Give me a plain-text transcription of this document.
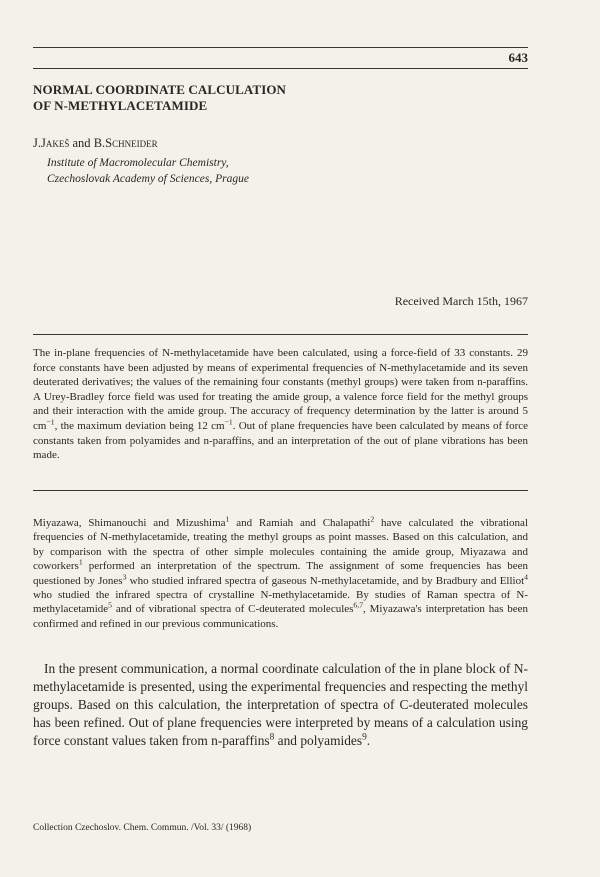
643
NORMAL COORDINATE CALCULATION
OF N-METHYLACETAMIDE

J.Jakeš and B.Schneider

Institute of Macromolecular Chemistry,
Czechoslovak Academy of Sciences, Prague
Received March 15th, 1967

The in-plane frequencies of N-methylacetamide have been calculated, using a force-field of 33 constants. 29 force constants have been adjusted by means of experimental frequencies of N-methylacetamide and its seven deuterated derivatives; the values of the remaining four constants (methyl groups) were taken from n-paraffins. A Urey-Bradley force field was used for treating the amide group, a valence force field for the methyl groups and their interaction with the amide group. The accuracy of frequency determination by the latter is around 5 $cm^{-1}$, the maximum deviation being 12 $cm^{-1}$. Out of plane frequencies have been calculated by means of force constants taken from polyamides and n-paraffins, and an interpretation of the out of plane vibrations has been made.

Miyazawa, Shimanouchi and Mizushima$^1$ and Ramiah and Chalapathi$^2$ have calculated the vibrational frequencies of N-methylacetamide, treating the methyl groups as point masses. Based on this calculation, and by comparison with the spectra of other simple molecules containing the amide group, Miyazawa and coworkers$^1$ performed an interpretation of the spectrum. The assignment of some frequencies has been questioned by Jones$^3$ who studied infrared spectra of gaseous N-methylacetamide, and by Bradbury and Elliot$^4$ who studied the infrared spectra of crystalline N-methylacetamide. By studies of Raman spectra of N-methylacetamide$^5$ and of vibrational spectra of C-deuterated molecules$^{6,7}$, Miyazawa's interpretation has been confirmed and refined in our previous communications.

In the present communication, a normal coordinate calculation of the in plane block of N-methylacetamide is presented, using the experimental frequencies and respecting the methyl groups. Based on this calculation, the interpretation of spectra of C-deuterated molecules has been refined. Out of plane frequencies were interpreted by means of a calculation using force constant values taken from n-paraffins$^8$ and polyamides$^9$.

Collection Czechoslov. Chem. Commun. /Vol. 33/ (1968)
